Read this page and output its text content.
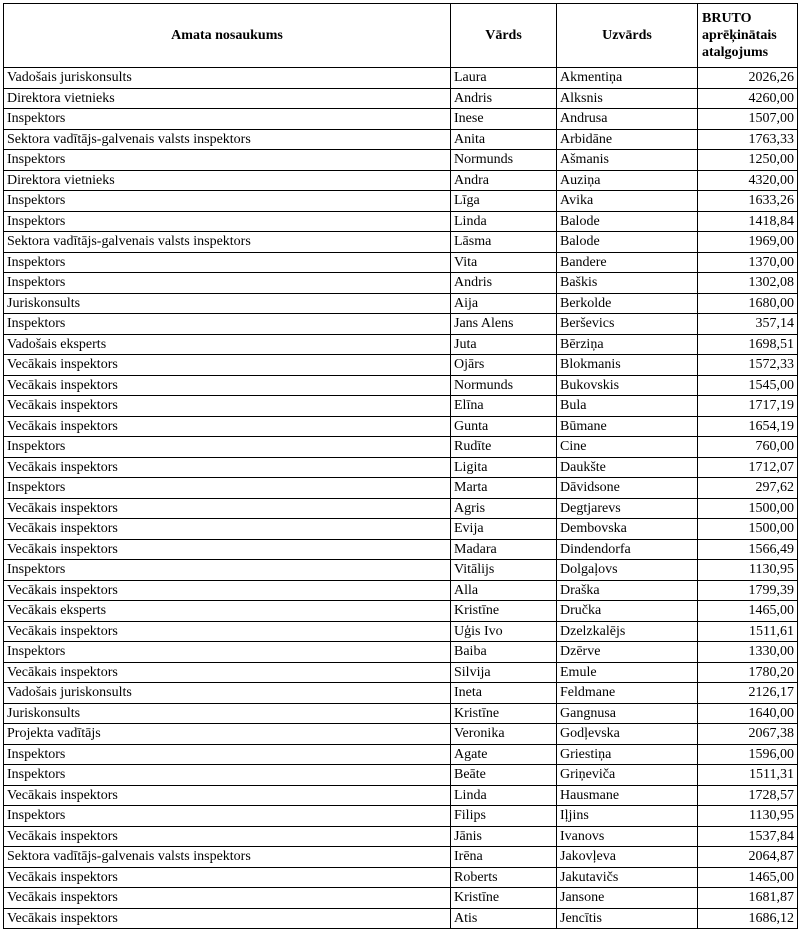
Amata nosaukums	Vārds	Uzvārds	BRUTO
aprēķinātais
atalgojums

Vadošais juriskonsults	Laura	Akmentiņa	2026,26
Direktora vietnieks	Andris	Alksnis	4260,00
Inspektors	Inese	Andrusa	1507,00
Sektora vadītājs-galvenais valsts inspektors	Anita	Arbidāne	1763,33
Inspektors	Normunds	Ašmanis	1250,00
Direktora vietnieks	Andra	Auziņa	4320,00
Inspektors	Līga	Avika	1633,26
Inspektors	Linda	Balode	1418,84
Sektora vadītājs-galvenais valsts inspektors	Lāsma	Balode	1969,00
Inspektors	Vita	Bandere	1370,00
Inspektors	Andris	Baškis	1302,08
Juriskonsults	Aija	Berkolde	1680,00
Inspektors	Jans Alens	Berševics	357,14
Vadošais eksperts	Juta	Bērziņa	1698,51
Vecākais inspektors	Ojārs	Blokmanis	1572,33
Vecākais inspektors	Normunds	Bukovskis	1545,00
Vecākais inspektors	Elīna	Bula	1717,19
Vecākais inspektors	Gunta	Būmane	1654,19
Inspektors	Rudīte	Cine	760,00
Vecākais inspektors	Ligita	Daukšte	1712,07
Inspektors	Marta	Dāvidsone	297,62
Vecākais inspektors	Agris	Degtjarevs	1500,00
Vecākais inspektors	Evija	Dembovska	1500,00
Vecākais inspektors	Madara	Dindendorfa	1566,49
Inspektors	Vitālijs	Dolgaļovs	1130,95
Vecākais inspektors	Alla	Draška	1799,39
Vecākais eksperts	Kristīne	Dručka	1465,00
Vecākais inspektors	Uģis Ivo	Dzelzkalējs	1511,61
Inspektors	Baiba	Dzērve	1330,00
Vecākais inspektors	Silvija	Emule	1780,20
Vadošais juriskonsults	Ineta	Feldmane	2126,17
Juriskonsults	Kristīne	Gangnusa	1640,00
Projekta vadītājs	Veronika	Godļevska	2067,38
Inspektors	Agate	Griestiņa	1596,00
Inspektors	Beāte	Griņeviča	1511,31
Vecākais inspektors	Linda	Hausmane	1728,57
Inspektors	Filips	Iļjins	1130,95
Vecākais inspektors	Jānis	Ivanovs	1537,84
Sektora vadītājs-galvenais valsts inspektors	Irēna	Jakovļeva	2064,87
Vecākais inspektors	Roberts	Jakutavičs	1465,00
Vecākais inspektors	Kristīne	Jansone	1681,87
Vecākais inspektors	Atis	Jencītis	1686,12
